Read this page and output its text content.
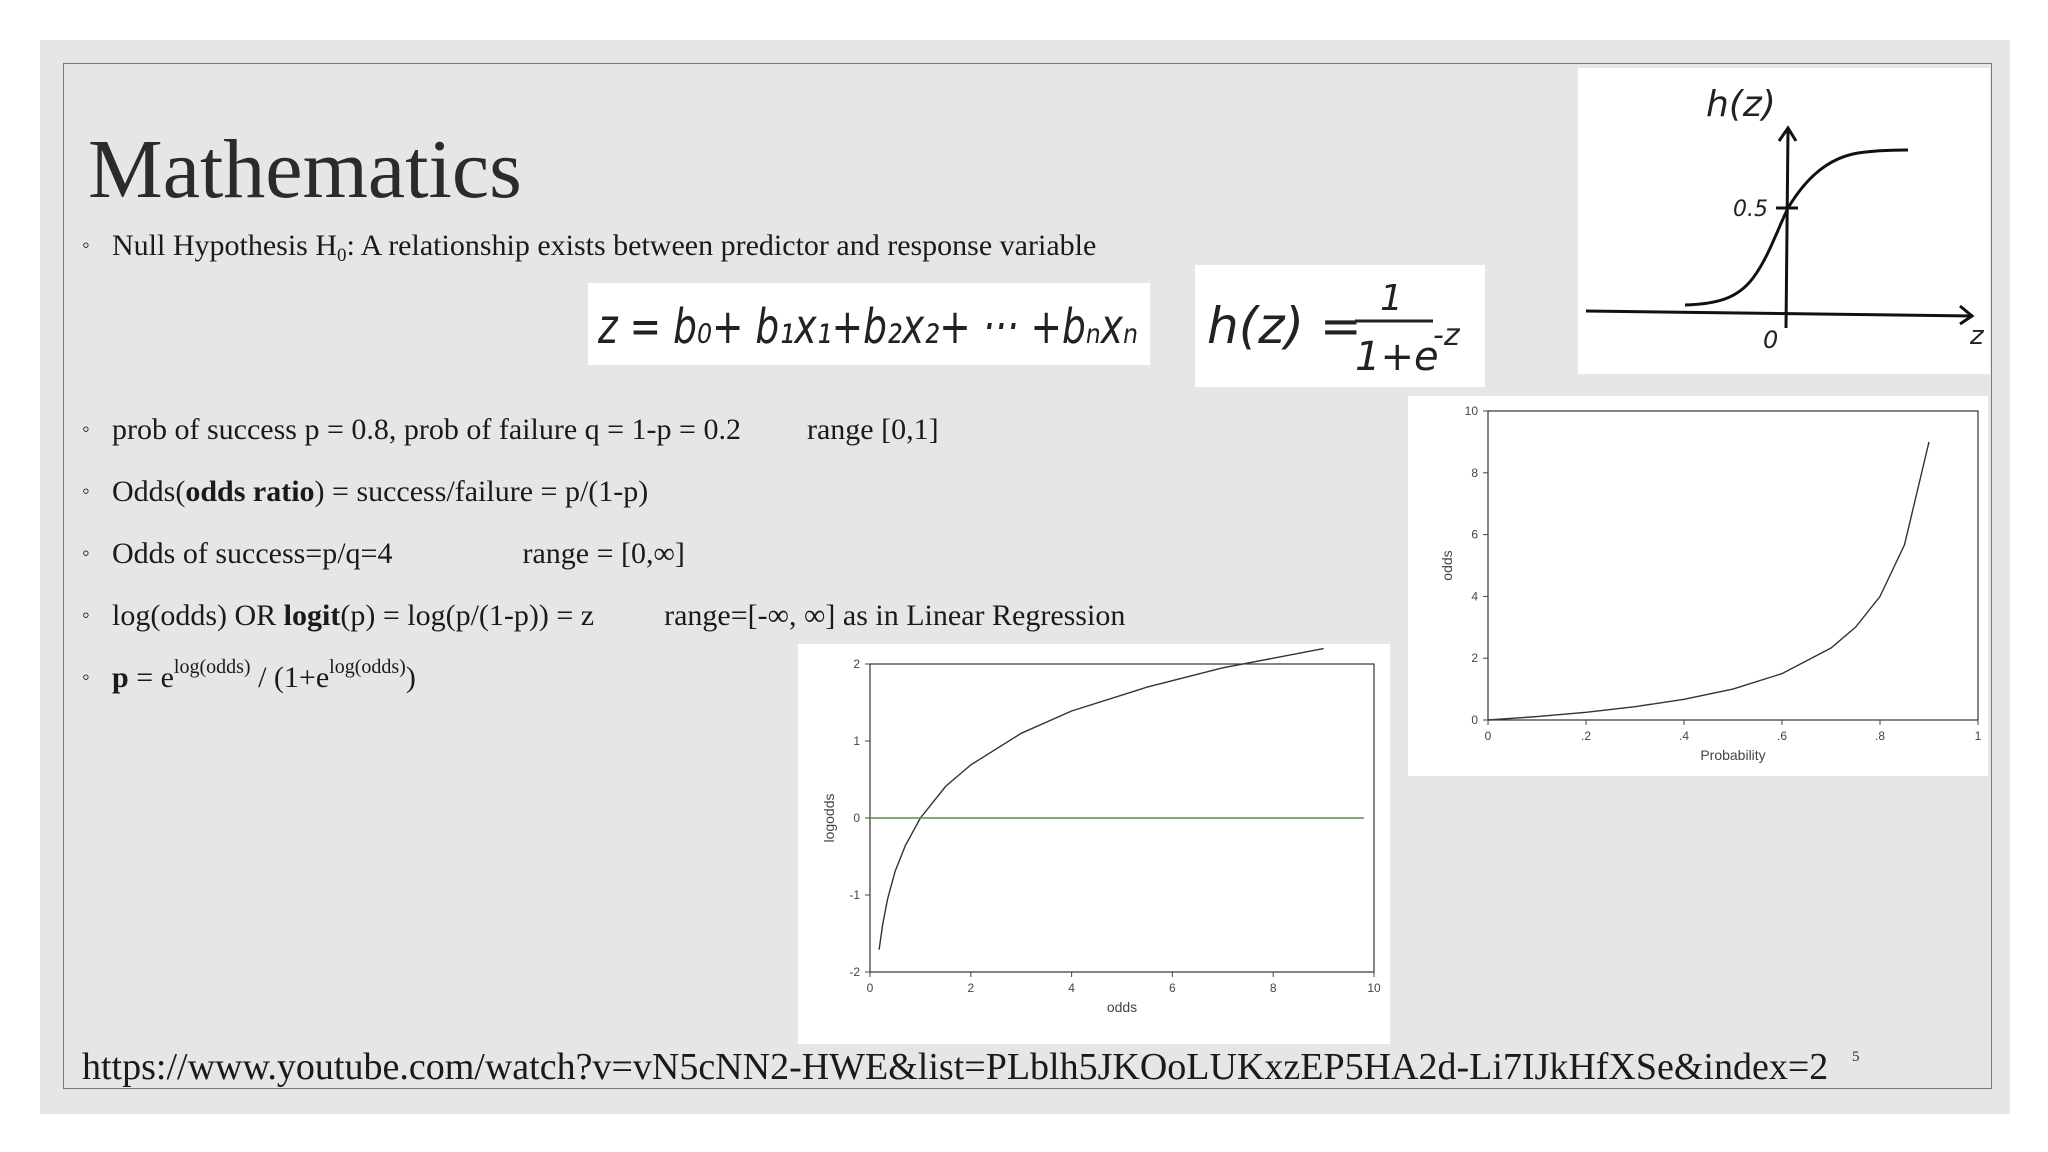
Mathematics
◦ Null Hypothesis $H_0$: A relationship exists between predictor and response variable
◦ prob of success p = 0.8, prob of failure q = 1-p = 0.2 range [0,1]
◦ Odds(odds ratio) = success/failure = p/(1-p)
◦ Odds of success=p/q=4	range = [0,∞]
◦ log(odds) OR logit(p) = log(p/(1-p)) = z range=[-∞, ∞] as in Linear Regression
◦ $p = e^{log(odds)} / (1+e^{log(odds)})$
z = b₀+ b₁x₁+b₂x₂+ ··· +bₙxₙ h(z) = 1
1+e
-z
h(z)
0.5
0	z
0	.2	.4	.6	.8	1
0
2
4
6
8
10
Probability
odds
0	2	4	6	8	10
-2
-1
0
1
2
odds
logodds
https://www.youtube.com/watch?v=vN5cNN2-HWE&list=PLblh5JKOoLUKxzEP5HA2d-Li7IJkHfXSe&index=2 5
